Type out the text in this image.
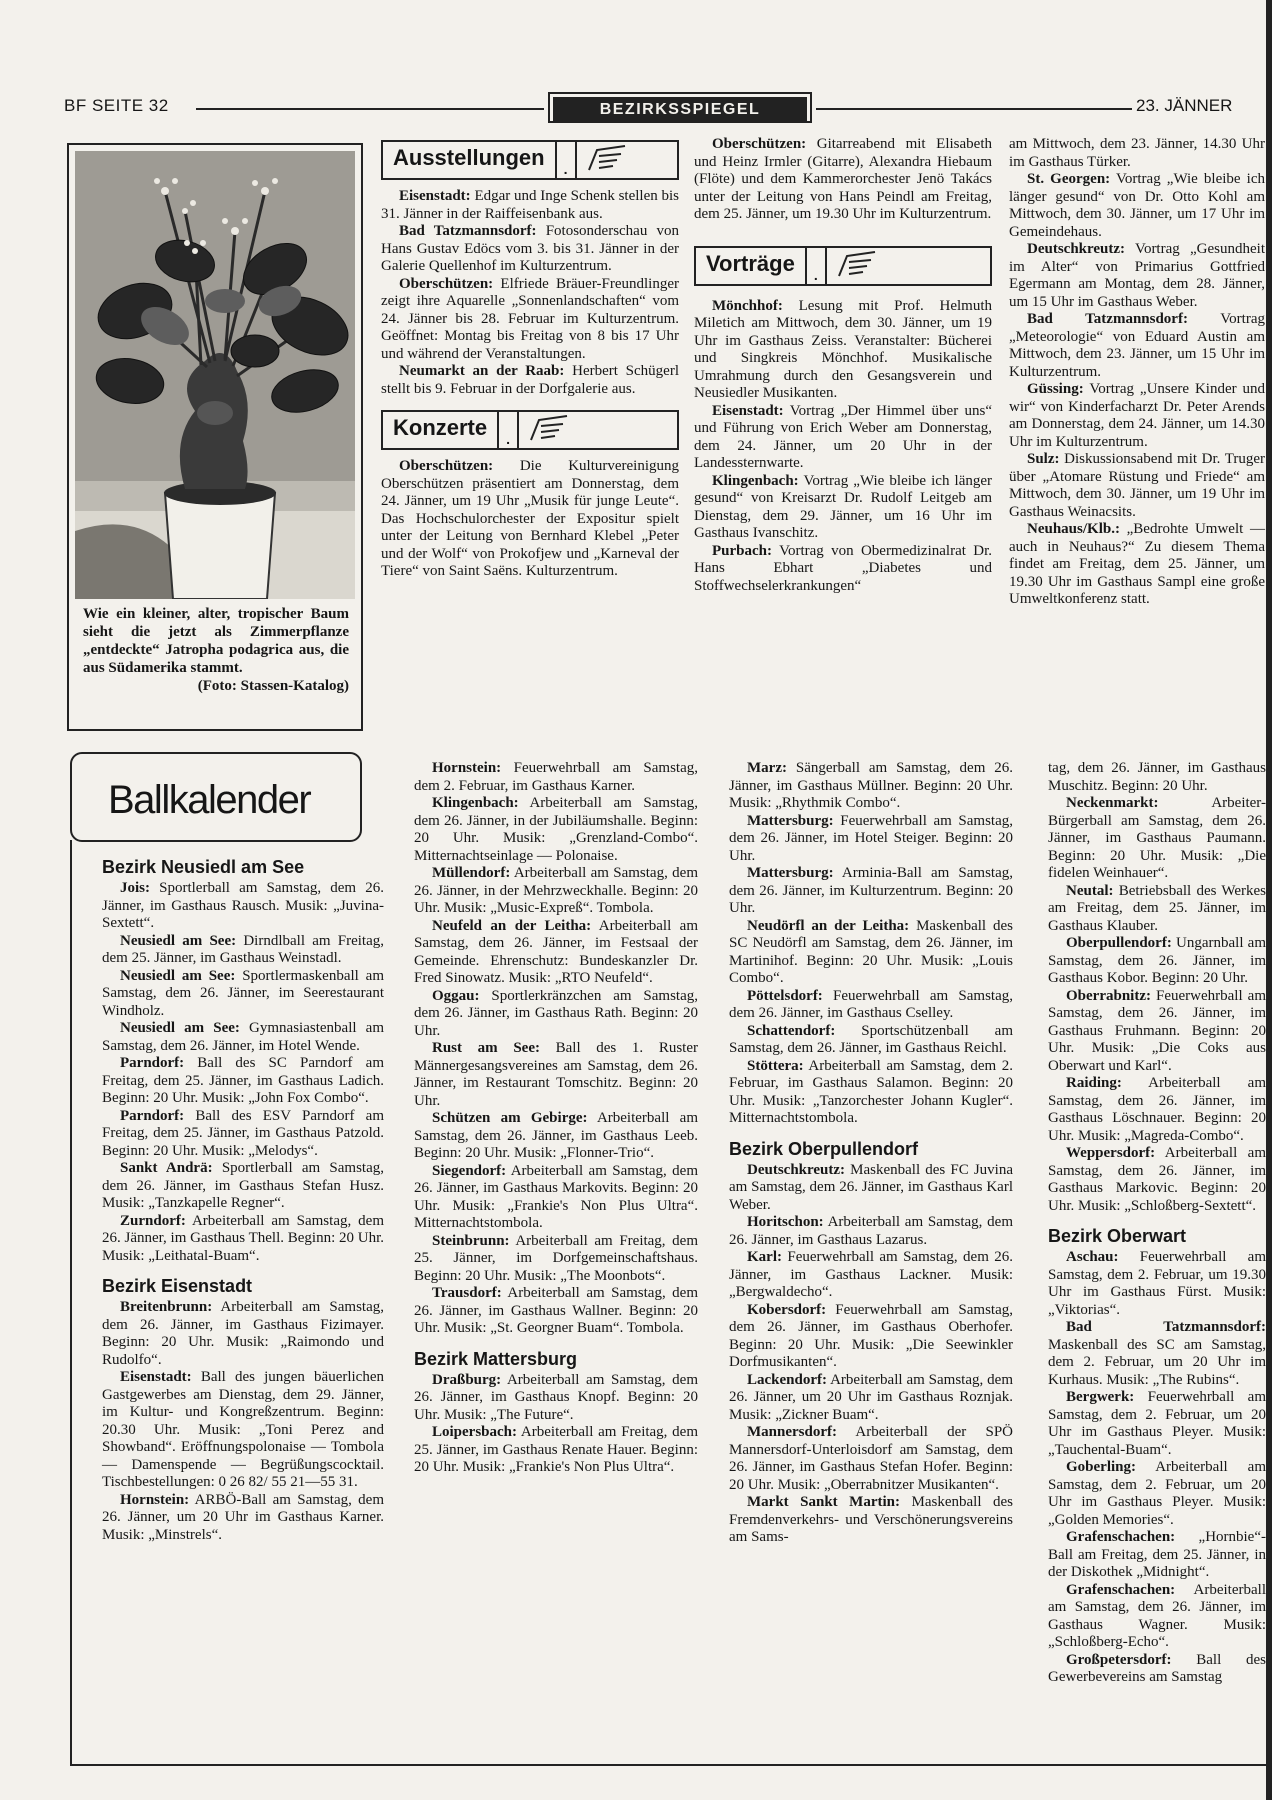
BF SEITE 32	BEZIRKSSPIEGEL	23. JÄNNER
Wie ein kleiner, alter, tropischer Baum sieht die jetzt als Zimmerpflanze „entdeckte“ Jatropha podagrica aus, die aus Südamerika stammt.
(Foto: Stassen-Katalog)
Ausstellungen	.

Eisenstadt: Edgar und Inge Schenk stellen bis 31. Jänner in der Raiffeisenbank aus.

Bad Tatzmannsdorf: Fotosonderschau von Hans Gustav Edöcs vom 3. bis 31. Jänner in der Galerie Quellenhof im Kulturzentrum.

Oberschützen: Elfriede Bräuer-Freundlinger zeigt ihre Aquarelle „Sonnenlandschaften“ vom 24. Jänner bis 28. Februar im Kulturzentrum. Geöffnet: Montag bis Freitag von 8 bis 17 Uhr und während der Veranstaltungen.

Neumarkt an der Raab: Herbert Schügerl stellt bis 9. Februar in der Dorfgalerie aus.

Konzerte	.

Oberschützen: Die Kulturvereinigung Oberschützen präsentiert am Donnerstag, dem 24. Jänner, um 19 Uhr „Musik für junge Leute“. Das Hochschulorchester der Expositur spielt unter der Leitung von Bernhard Klebel „Peter und der Wolf“ von Prokofjew und „Karneval der Tiere“ von Saint Saëns. Kulturzentrum.

Oberschützen: Gitarreabend mit Elisabeth und Heinz Irmler (Gitarre), Alexandra Hiebaum (Flöte) und dem Kammerorchester Jenö Takács unter der Leitung von Hans Peindl am Freitag, dem 25. Jänner, um 19.30 Uhr im Kulturzentrum.

Vorträge	.

Mönchhof: Lesung mit Prof. Helmuth Miletich am Mittwoch, dem 30. Jänner, um 19 Uhr im Gasthaus Zeiss. Veranstalter: Bücherei und Singkreis Mönchhof. Musikalische Umrahmung durch den Gesangsverein und Neusiedler Musikanten.

Eisenstadt: Vortrag „Der Himmel über uns“ und Führung von Erich Weber am Donnerstag, dem 24. Jänner, um 20 Uhr in der Landessternwarte.

Klingenbach: Vortrag „Wie bleibe ich länger gesund“ von Kreisarzt Dr. Rudolf Leitgeb am Dienstag, dem 29. Jänner, um 16 Uhr im Gasthaus Ivanschitz.

Purbach: Vortrag von Obermedizinalrat Dr. Hans Ebhart „Diabetes und Stoffwechselerkrankungen“

am Mittwoch, dem 23. Jänner, 14.30 Uhr im Gasthaus Türker.

St. Georgen: Vortrag „Wie bleibe ich länger gesund“ von Dr. Otto Kohl am Mittwoch, dem 30. Jänner, um 17 Uhr im Gemeindehaus.

Deutschkreutz: Vortrag „Gesundheit im Alter“ von Primarius Gottfried Egermann am Montag, dem 28. Jänner, um 15 Uhr im Gasthaus Weber.

Bad Tatzmannsdorf: Vortrag „Meteorologie“ von Eduard Austin am Mittwoch, dem 23. Jänner, um 15 Uhr im Kulturzentrum.

Güssing: Vortrag „Unsere Kinder und wir“ von Kinderfacharzt Dr. Peter Arends am Donnerstag, dem 24. Jänner, um 14.30 Uhr im Kulturzentrum.

Sulz: Diskussionsabend mit Dr. Truger über „Atomare Rüstung und Friede“ am Mittwoch, dem 30. Jänner, um 19 Uhr im Gasthaus Weinacsits.

Neuhaus/Klb.: „Bedrohte Umwelt — auch in Neuhaus?“ Zu diesem Thema findet am Freitag, dem 25. Jänner, um 19.30 Uhr im Gasthaus Sampl eine große Umweltkonferenz statt.

Ballkalender
Bezirk Neusiedl am See

Jois: Sportlerball am Samstag, dem 26. Jänner, im Gasthaus Rausch. Musik: „Juvina-Sextett“.

Neusiedl am See: Dirndlball am Freitag, dem 25. Jänner, im Gasthaus Weinstadl.

Neusiedl am See: Sportlermaskenball am Samstag, dem 26. Jänner, im Seerestaurant Windholz.

Neusiedl am See: Gymnasiastenball am Samstag, dem 26. Jänner, im Hotel Wende.

Parndorf: Ball des SC Parndorf am Freitag, dem 25. Jänner, im Gasthaus Ladich. Beginn: 20 Uhr. Musik: „John Fox Combo“.

Parndorf: Ball des ESV Parndorf am Freitag, dem 25. Jänner, im Gasthaus Patzold. Beginn: 20 Uhr. Musik: „Melodys“.

Sankt Andrä: Sportlerball am Samstag, dem 26. Jänner, im Gasthaus Stefan Husz. Musik: „Tanzkapelle Regner“.

Zurndorf: Arbeiterball am Samstag, dem 26. Jänner, im Gasthaus Thell. Beginn: 20 Uhr. Musik: „Leithatal-Buam“.

Bezirk Eisenstadt

Breitenbrunn: Arbeiterball am Samstag, dem 26. Jänner, im Gasthaus Fizimayer. Beginn: 20 Uhr. Musik: „Raimondo und Rudolfo“.

Eisenstadt: Ball des jungen bäuerlichen Gastgewerbes am Dienstag, dem 29. Jänner, im Kultur- und Kongreßzentrum. Beginn: 20.30 Uhr. Musik: „Toni Perez and Showband“. Eröffnungspolonaise — Tombola — Damenspende — Begrüßungscocktail. Tischbestellungen: 0 26 82/ 55 21—55 31.

Hornstein: ARBÖ-Ball am Samstag, dem 26. Jänner, um 20 Uhr im Gasthaus Karner. Musik: „Minstrels“.

Hornstein: Feuerwehrball am Samstag, dem 2. Februar, im Gasthaus Karner.

Klingenbach: Arbeiterball am Samstag, dem 26. Jänner, in der Jubiläumshalle. Beginn: 20 Uhr. Musik: „Grenzland-Combo“. Mitternachtseinlage — Polonaise.

Müllendorf: Arbeiterball am Samstag, dem 26. Jänner, in der Mehrzweckhalle. Beginn: 20 Uhr. Musik: „Music-Expreß“. Tombola.

Neufeld an der Leitha: Arbeiterball am Samstag, dem 26. Jänner, im Festsaal der Gemeinde. Ehrenschutz: Bundeskanzler Dr. Fred Sinowatz. Musik: „RTO Neufeld“.

Oggau: Sportlerkränzchen am Samstag, dem 26. Jänner, im Gasthaus Rath. Beginn: 20 Uhr.

Rust am See: Ball des 1. Ruster Männergesangsvereines am Samstag, dem 26. Jänner, im Restaurant Tomschitz. Beginn: 20 Uhr.

Schützen am Gebirge: Arbeiterball am Samstag, dem 26. Jänner, im Gasthaus Leeb. Beginn: 20 Uhr. Musik: „Flonner-Trio“.

Siegendorf: Arbeiterball am Samstag, dem 26. Jänner, im Gasthaus Markovits. Beginn: 20 Uhr. Musik: „Frankie's Non Plus Ultra“. Mitternachtstombola.

Steinbrunn: Arbeiterball am Freitag, dem 25. Jänner, im Dorfgemeinschaftshaus. Beginn: 20 Uhr. Musik: „The Moonbots“.

Trausdorf: Arbeiterball am Samstag, dem 26. Jänner, im Gasthaus Wallner. Beginn: 20 Uhr. Musik: „St. Georgner Buam“. Tombola.

Bezirk Mattersburg

Draßburg: Arbeiterball am Samstag, dem 26. Jänner, im Gasthaus Knopf. Beginn: 20 Uhr. Musik: „The Future“.

Loipersbach: Arbeiterball am Freitag, dem 25. Jänner, im Gasthaus Renate Hauer. Beginn: 20 Uhr. Musik: „Frankie's Non Plus Ultra“.

Marz: Sängerball am Samstag, dem 26. Jänner, im Gasthaus Müllner. Beginn: 20 Uhr. Musik: „Rhythmik Combo“.

Mattersburg: Feuerwehrball am Samstag, dem 26. Jänner, im Hotel Steiger. Beginn: 20 Uhr.

Mattersburg: Arminia-Ball am Samstag, dem 26. Jänner, im Kulturzentrum. Beginn: 20 Uhr.

Neudörfl an der Leitha: Maskenball des SC Neudörfl am Samstag, dem 26. Jänner, im Martinihof. Beginn: 20 Uhr. Musik: „Louis Combo“.

Pöttelsdorf: Feuerwehrball am Samstag, dem 26. Jänner, im Gasthaus Cselley.

Schattendorf: Sportschützenball am Samstag, dem 26. Jänner, im Gasthaus Reichl.

Stöttera: Arbeiterball am Samstag, dem 2. Februar, im Gasthaus Salamon. Beginn: 20 Uhr. Musik: „Tanzorchester Johann Kugler“. Mitternachtstombola.

Bezirk Oberpullendorf

Deutschkreutz: Maskenball des FC Juvina am Samstag, dem 26. Jänner, im Gasthaus Karl Weber.

Horitschon: Arbeiterball am Samstag, dem 26. Jänner, im Gasthaus Lazarus.

Karl: Feuerwehrball am Samstag, dem 26. Jänner, im Gasthaus Lackner. Musik: „Bergwaldecho“.

Kobersdorf: Feuerwehrball am Samstag, dem 26. Jänner, im Gasthaus Oberhofer. Beginn: 20 Uhr. Musik: „Die Seewinkler Dorfmusikanten“.

Lackendorf: Arbeiterball am Samstag, dem 26. Jänner, um 20 Uhr im Gasthaus Roznjak. Musik: „Zickner Buam“.

Mannersdorf: Arbeiterball der SPÖ Mannersdorf-Unterloisdorf am Samstag, dem 26. Jänner, im Gasthaus Stefan Hofer. Beginn: 20 Uhr. Musik: „Oberrabnitzer Musikanten“.

Markt Sankt Martin: Maskenball des Fremdenverkehrs- und Verschönerungsvereins am Sams-

tag, dem 26. Jänner, im Gasthaus Muschitz. Beginn: 20 Uhr.

Neckenmarkt: Arbeiter-Bürgerball am Samstag, dem 26. Jänner, im Gasthaus Paumann. Beginn: 20 Uhr. Musik: „Die fidelen Weinhauer“.

Neutal: Betriebsball des Werkes am Freitag, dem 25. Jänner, im Gasthaus Klauber.

Oberpullendorf: Ungarnball am Samstag, dem 26. Jänner, im Gasthaus Kobor. Beginn: 20 Uhr.

Oberrabnitz: Feuerwehrball am Samstag, dem 26. Jänner, im Gasthaus Fruhmann. Beginn: 20 Uhr. Musik: „Die Coks aus Oberwart und Karl“.

Raiding: Arbeiterball am Samstag, dem 26. Jänner, im Gasthaus Löschnauer. Beginn: 20 Uhr. Musik: „Magreda-Combo“.

Weppersdorf: Arbeiterball am Samstag, dem 26. Jänner, im Gasthaus Markovic. Beginn: 20 Uhr. Musik: „Schloßberg-Sextett“.

Bezirk Oberwart

Aschau: Feuerwehrball am Samstag, dem 2. Februar, um 19.30 Uhr im Gasthaus Fürst. Musik: „Viktorias“.

Bad Tatzmannsdorf: Maskenball des SC am Samstag, dem 2. Februar, um 20 Uhr im Kurhaus. Musik: „The Rubins“.

Bergwerk: Feuerwehrball am Samstag, dem 2. Februar, um 20 Uhr im Gasthaus Pleyer. Musik: „Tauchental-Buam“.

Goberling: Arbeiterball am Samstag, dem 2. Februar, um 20 Uhr im Gasthaus Pleyer. Musik: „Golden Memories“.

Grafenschachen: „Hornbie“-Ball am Freitag, dem 25. Jänner, in der Diskothek „Midnight“.

Grafenschachen: Arbeiterball am Samstag, dem 26. Jänner, im Gasthaus Wagner. Musik: „Schloßberg-Echo“.

Großpetersdorf: Ball des Gewerbevereins am Samstag
